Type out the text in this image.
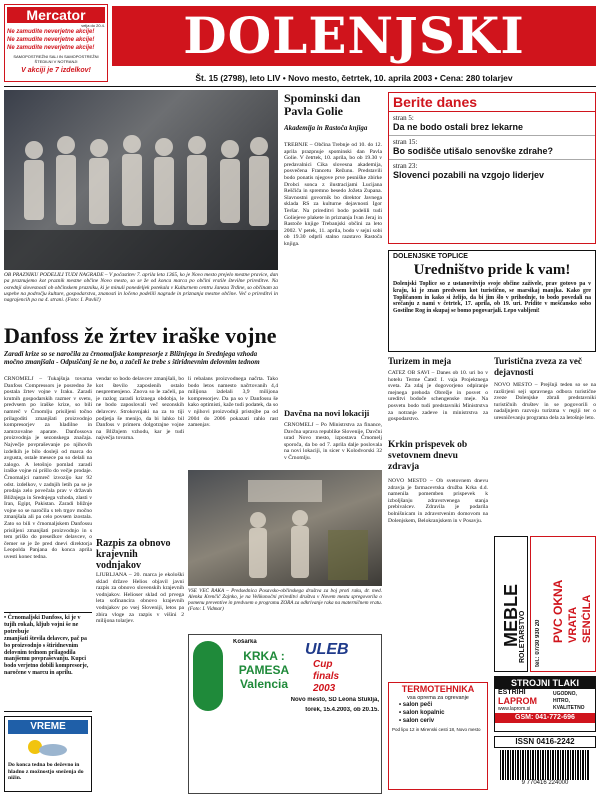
Mercator
velja do 20.4.
Ne zamudite neverjetne akcije!
Ne zamudite neverjetne akcije!
Ne zamudite neverjetne akcije!
SAMOPOSTREŽNI SALI IN SAMOPOSTREŽNI ŠTEDILNI V NOTRANJI
V akciji je 7 izdelkov!
DOLENJSKI
Št. 15 (2798), leto LIV • Novo mesto, četrtek, 10. aprila 2003 • Cena: 280 tolarjev
OB PRAZNIKU PODELILI TUDI NAGRADE – V počastitev 7. aprila leta 1365, ko je Novo mesto prejelo mestne pravice, dan pa praznujemo kot praznik mestne občine Novo mesto, so se že od konca marca po občini vrstile številne prireditve. Na osrednji slovesnosti ob občinskem prazniku, ki je minuli ponedeljek potekala v Kulturnem centru Janeza Trdine, so občinam za uspehe na področju kulture, gospodarstva, znanosti in ločeno podelili nagrade in priznanja mestne občine. Več o prireditvi in nagrajencih pa na 4. strani. (Foto: I. Pavlič)
Danfoss že žrtev iraške vojne
Zaradi krize so se naročila za črnomaljske kompresorje z Bližnjega in Srednjega vzhoda močno zmanjšala - Odpuščanj še ne bo, a začeli ke trebe s štiridnevnim delovnim tednom
ČRNOMELJ – Tukajšnja tovarna Danfoss Compressors je posredno že postala žrtev vojne v Iraku. Zaradi krutnih gospodarskih razmer v svetu, predvsem po iraške krize, so bili namreč v Črnomlju prisiljeni točno prilagoditi zmanjšati proizvodnjo kompresorjev za hladilne in zamrzovalne aparate. Danfossova proizvodnja je sezonskega značaja. Največje povpraševanje po njihovih izdelkih je bilo dosleji od marca do avgusta, ostale mesece pa so delali na zalogo. A letošnjo pomlad zaradi iraške vojne ni prišlo do večje prodaje. Črnomaljci namreč izvozijo kar 92 odst. izdelkov, v zadnjih letih pa se je prodaja zelo povečala prav v državah Bližnjega in Srednjega vzhoda, zlasti v Iran, Egipt, Pakistan. Zaradi bližnje vojne so se naročila s teh trgov močno zmanjšala ali pa celo povsem izostala. Zato so bili v črnomaljskem Danfossu prisiljeni zmanjšati proizvodnjo in s tem prišlo do presežkov delavcev, o čemer se je že pred dnevi direktorja Leopolda Panjana do konca aprila uvesti konec tedna.
vendar so bodo delavcev zmanjšali, bo kot število zaposlenih ostalo nespremenjeno. Znova so le začeli, pa je razlog zaradi kriznega obdobja, le ne bodo zaposlovali več sezonskih delavcev. Strokovnjaki na za to tiji podjetja še menijo, da bi lahko bil Danfoss v primeru dolgotrajne vojne na Bližnjem vzhodu, kar je tudi največja tovarna.
li rebalans proizvodnega načrta. Tako bodo letos namesto načrtovanih 4,4 milijona izdelali 3,9 milijona kompresorjev. Da pa so v Danfossu še kako optimisti, kaže tudi podatek, da so v njihovi proizvodnji pristojbe pa od 2004 do 2006 pokazati rahlo rast zamenjav.
• Črnomaljski Danfoss, ki je v tujih rokah, kljub vojni še ne potrebuje
zmanjšati števila delavcev, pač pa bo proizvodnjo s štiridnevnim delovnim tednom prilagodila manjšemu povpraševanju. Kupci bodo verjetno dobili kompresorje, naročene v marcu in aprilu.
VREME
Do konca tedna bo deževno in hladno z možnostjo sneženja do nižin.
Razpis za obnovo krajevnih vodnjakov
LJUBLJANA – 20. marca je ekološki sklad države Helios objavil javni razpis za obnovo slovenskih krajevnih vodnjakov. Helioser sklad od prvega leta sofinancira obnovo krajevnih vodnjakov po vsej Sloveniji, letos pa zbira vloge za razpis v višini 2 milijona tolarjev.
Spominski dan Pavla Golie
Akademija in Rastoča knjiga
TREBNJE – Občina Trebnje od 10. do 12. aprila prazpnuje spominski dan Pavla Golie. V četrtek, 10. aprila, bo ob 19.30 v predavalnici Cika slovesna akademija, posvečena Francetu Režunu. Predstavili bodo ponatis njegove prve pesniške zbirke Drobci sonca z ilustracijami Lucijana Reščiča in spremno besedo Jožeta Zupana. Slavnostni govornik bo direktor Javnega sklada RS za kulturne dejavnosti Igor Teršar. Na prireditvi bodo podelili tudi Goliejeve plakete in priznanja Ivan Jeraj in Rastoče knjige Trebanjski občini za leto 2002. V petek, 11. aprila, bodo v sejni sobi ob 19.30 odprli stalno razstavo Rastoča knjiga.
Davčna na novi lokaciji
ČRNOMELJ – Po Ministrstva za finance, Davčna uprava republike Slovenije, Davčni urad Novo mesto, izpostava Črnomelj sporoča, da bo od 7. aprila dalje poslovala na novi lokaciji, in sicer v Kolodvorski 32 v Črnomlju.
VSE VEČ RAKA – Predsednica Posavsko-občinskega društva za boj proti raku, dr. med. Alenka Krenčič Zajnko, je na Velikonočni prireditvi društva v Novem mestu spregovorila o pomenu preventive in predvsem o programu ZORA za odkrivanje raka na materničnem vratu. (Foto: I. Vidmar)
Košarka
KRKA :
PAMESA
Valencia
ULEB
Cup
finals
2003
Novo mesto, ŠD Leona Štuklja,
torek, 15.4.2003, ob 20.15.
Berite danes
stran 5:
Da ne bodo ostali brez lekarne
stran 15:
Bo sodišče utišalo senovške zdrahe?
stran 23:
Slovenci pozabili na vzgojo liderjev
DOLENJSKE TOPLICE
Uredništvo pride k vam!
Dolenjski Toplice so z ustanovitvijo svoje občine zaživele, prav gotovo pa v kraju, ki je znan predvsem kot turistično, se marsikaj manjka. Kako gre Topličanom in kako si želijo, da bi jim šlo v prihodnje, to bodo povedali na srečanju z nami v četrtek, 17. aprila, ob 19. uri. Pridite v meščansko sobo Gostilne Rog in skupaj se bomo pogovarjali. Lepo vabljeni!
Turizem in meja
ČATEŽ OB SAVI – Danes ob 10. uri bo v hotelu Terme Čatež I. vaja Projektnega sveta. Za zdaj je dogovorjeno odpiranje mejnega prehoda Obrežje in posvet o ureditvi bodoče schengenske meje. Na posvetu bodo tudi predstavniki Ministrstva za notranje zadeve in ministrstva za gospodarstvo.
Krkin prispevek ob svetovnem dnevu zdravja
NOVO MESTO – Ob svetovnem dnevu zdravja je farmacevtska družba Krka d.d. namenila pomemben prispevek k izboljšanju zdravstvenega stanja prebivalcev. Zdravila je podarila bolnišnicam in zdravstvenim domovom na Dolenjskem, Belokranjskem in v Posavju.
Turistična zveza za več dejavnosti
NOVO MESTO – Prejšnji teden so se na razširjeni seji upravnega odbora turistične zveze Dolenjske zbrali predstavniki turističnih društev in se pogovorili o nadaljnjem razvoju turizma v regiji ter o uresničevanju programa dela za letošnje leto.
PVC OKNA VRATA SENČILA
tel.: 07/30 930 20
STROJNI TLAKI
ESTRIHI
LAPROM
www.laprom.si
GSM: 041-772-696
UGODNO,
HITRO,
KVALITETNO
MEBLE
ROLETARSTVO
TERMOTEHNIKA
vsa oprema za ogrevanje
• salon peči
• salon kopalnic
• salon ceriv
Pod lipo 12 in Mirenski cesti 18, Novo mesto
ISSN 0416-2242
9 770416 224000
